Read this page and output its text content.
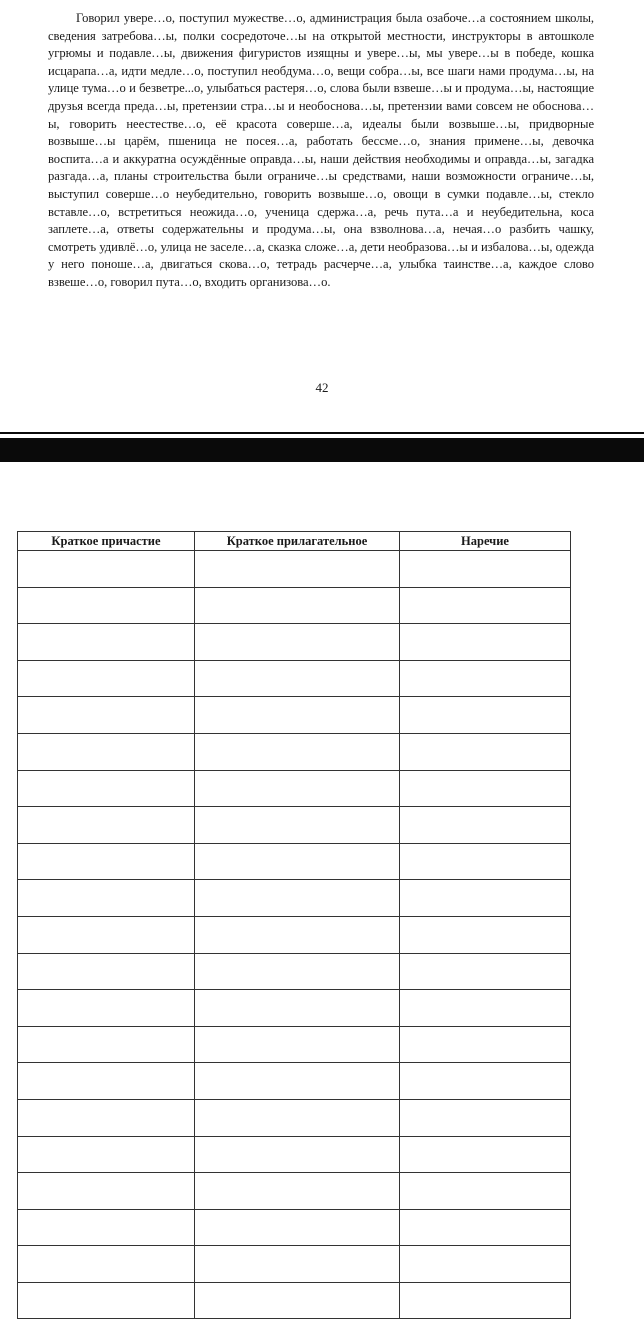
Говорил увере…о, поступил мужестве…о, администрация была озабоче…а состоянием школы, сведения затребова…ы, полки сосредоточе…ы на открытой местности, инструкторы в автошколе угрюмы и подавле…ы, движения фигуристов изящны и увере…ы, мы увере…ы в победе, кошка исцарапа…а, идти медле…о, поступил необдума…о, вещи собра…ы, все шаги нами продума…ы, на улице тума…о и безветре...о, улыбаться растеря…о, слова были взвеше…ы и продума…ы, настоящие друзья всегда преда…ы, претензии стра…ы и необоснова…ы, претензии вами совсем не обоснова…ы, говорить неестестве…о, её красота соверше…а, идеалы были возвыше…ы, придворные возвыше…ы царём, пшеница не посея…а, работать бессме…о, знания примене…ы, девочка воспита…а и аккуратна осуждённые оправда…ы, наши действия необходимы и оправда…ы, загадка разгада…а, планы строительства были ограниче…ы средствами, наши возможности ограниче…ы, выступил соверше…о неубедительно, говорить возвыше…о, овощи в сумки подавле…ы, стекло вставле…о, встретиться неожида…о, ученица сдержа…а, речь пута…а и неубедительна, коса заплете…а, ответы содержательны и продума…ы, она взволнова…а, нечая…о разбить чашку, смотреть удивлё…о, улица не заселе…а, сказка сложе…а, дети необразова…ы и избалова…ы, одежда у него поноше…а, двигаться скова…о, тетрадь расчерче…а, улыбка таинстве…а, каждое слово взвеше…о, говорил пута…о, входить организова…о.

42
Краткое причастие	Краткое прилагательное	Наречие
